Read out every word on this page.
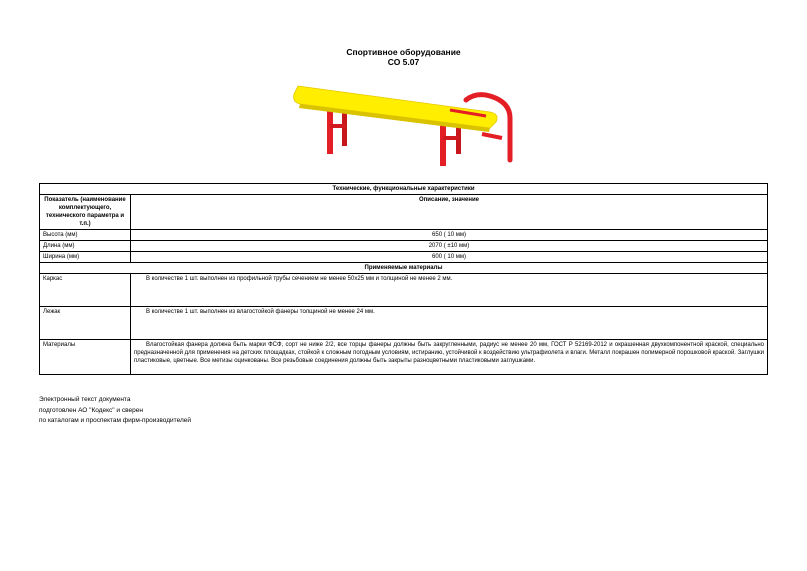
Спортивное оборудование
СО 5.07
Технические, функциональные характеристики	
Показатель (наименование комплектующего, технического параметра и т.п.)	Описание, значение
Высота (мм)	650 ( 10 мм)
Длина (мм)	2070 ( ±10 мм)
Ширина (мм)	600 ( 10 мм)
Применяемые материалы	
Каркас	В количестве 1 шт. выполнен из профильной трубы сечением не менее 50х25 мм и толщиной не менее 2 мм.
Лежак	В количестве 1 шт. выполнен из влагостойкой фанеры толщиной не менее 24 мм.
Материалы	Влагостойкая фанера должна быть марки ФСФ, сорт не ниже 2/2, все торцы фанеры должны быть закругленными, радиус не менее 20 мм, ГОСТ Р 52169-2012 и окрашенная двухкомпонентной краской, специально предназначенной для применения на детских площадках, стойкой к сложным погодным условиям, истиранию, устойчивой к воздействию ультрафиолета и влаги. Металл покрашен полимерной порошковой краской. Заглушки пластиковые, цветные. Все метизы оцинкованы. Все резьбовые соединения должны быть закрыты разноцветными пластиковыми заглушками.
Электронный текст документа
подготовлен АО "Кодекс" и сверен
по каталогам и проспектам фирм-производителей
